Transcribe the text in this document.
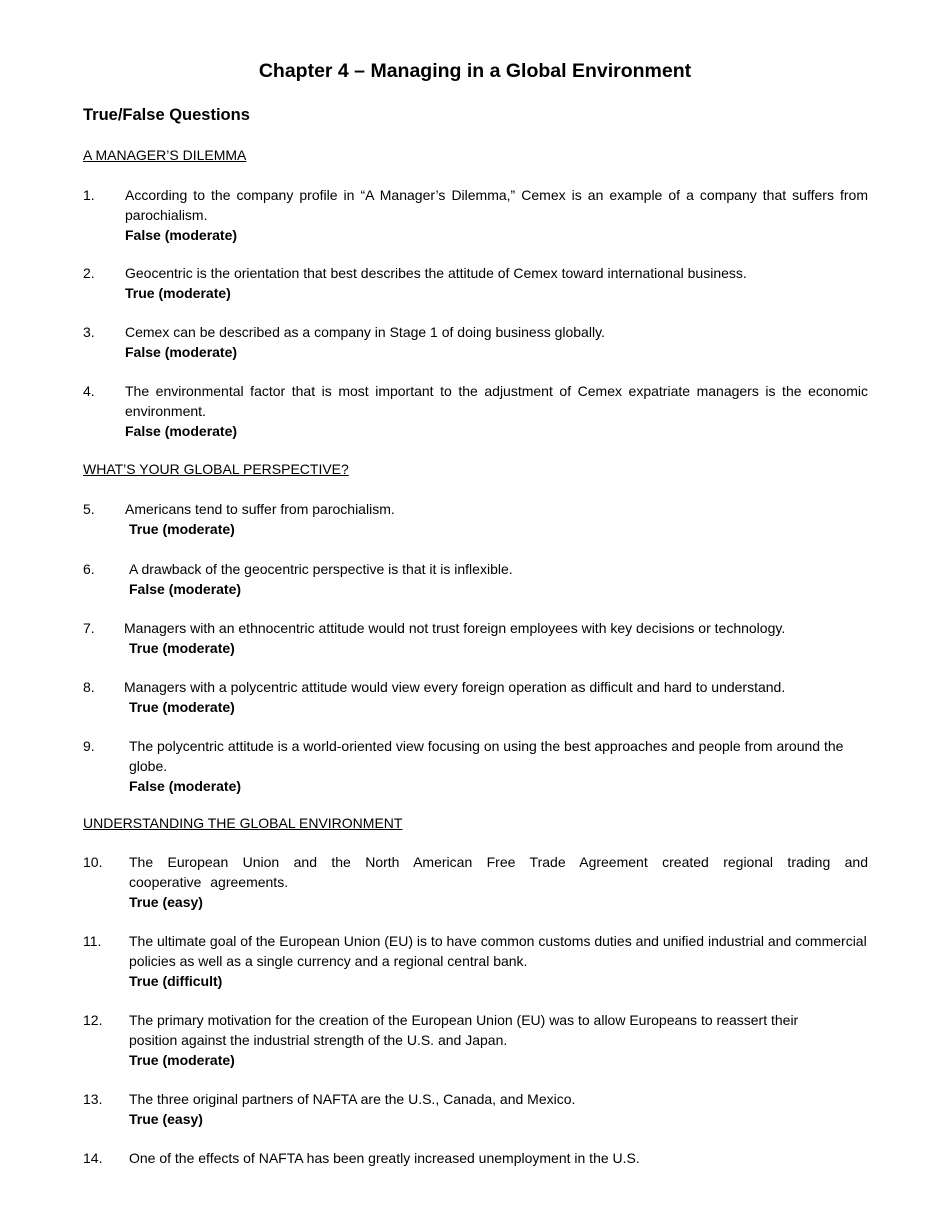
Chapter 4 – Managing in a Global Environment
True/False Questions
A MANAGER’S DILEMMA
1. According to the company profile in “A Manager’s Dilemma,” Cemex is an example of a company that suffers from parochialism.
False (moderate)
2. Geocentric is the orientation that best describes the attitude of Cemex toward international business.
True (moderate)
3. Cemex can be described as a company in Stage 1 of doing business globally.
False (moderate)
4. The environmental factor that is most important to the adjustment of Cemex expatriate managers is the economic environment.
False (moderate)
WHAT’S YOUR GLOBAL PERSPECTIVE?
5. Americans tend to suffer from parochialism.
True (moderate)
6. A drawback of the geocentric perspective is that it is inflexible.
False (moderate)
7. Managers with an ethnocentric attitude would not trust foreign employees with key decisions or technology.
True (moderate)
8. Managers with a polycentric attitude would view every foreign operation as difficult and hard to understand.
True (moderate)
9. The polycentric attitude is a world-oriented view focusing on using the best approaches and people from around the globe.
False (moderate)
UNDERSTANDING THE GLOBAL ENVIRONMENT
10. The European Union and the North American Free Trade Agreement created regional trading and cooperative agreements.
True (easy)
11. The ultimate goal of the European Union (EU) is to have common customs duties and unified industrial and commercial policies as well as a single currency and a regional central bank.
True (difficult)
12. The primary motivation for the creation of the European Union (EU) was to allow Europeans to reassert their position against the industrial strength of the U.S. and Japan.
True (moderate)
13. The three original partners of NAFTA are the U.S., Canada, and Mexico.
True (easy)
14. One of the effects of NAFTA has been greatly increased unemployment in the U.S.
